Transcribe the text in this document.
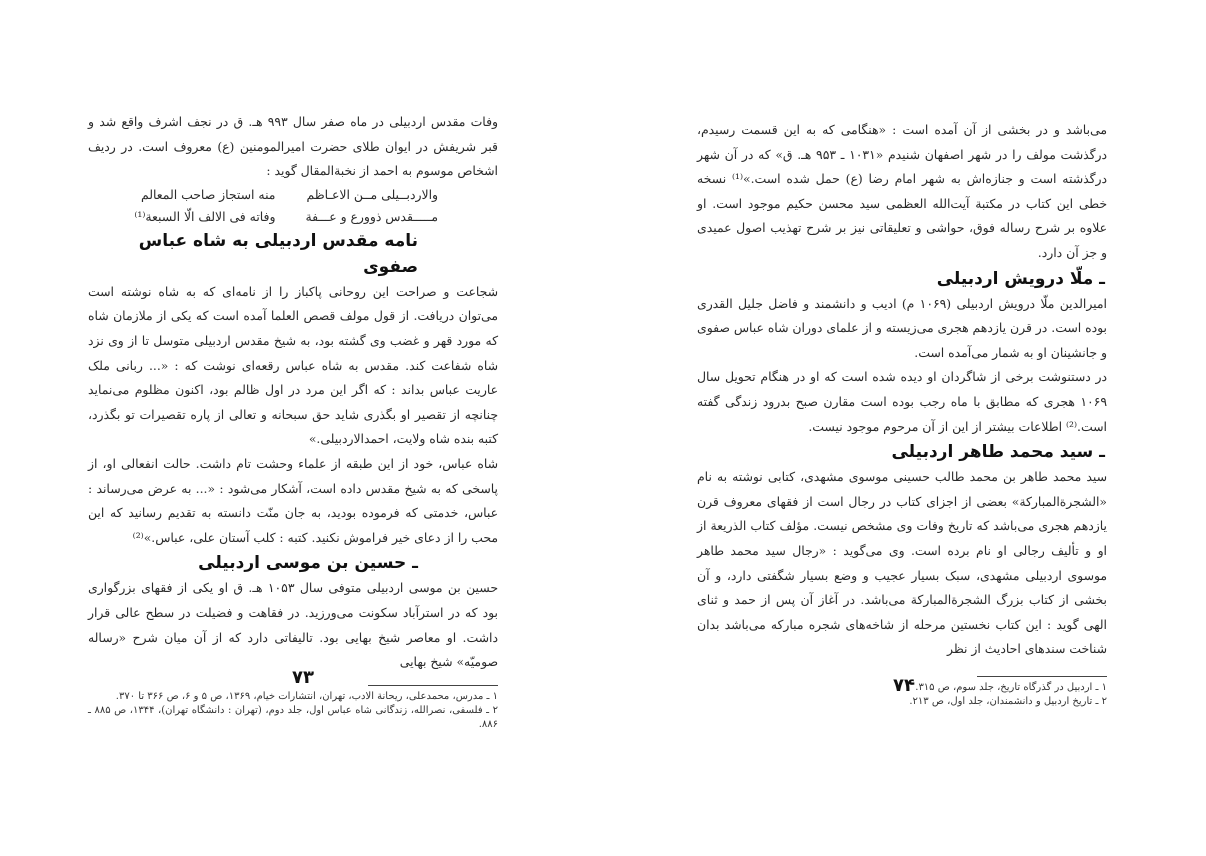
وفات مقدس اردبیلی در ماه صفر سال ۹۹۳ هـ. ق در نجف اشرف واقع شد و قبر شریفش در ایوان طلای حضرت امیرالمومنین (ع) معروف است. در ردیف اشخاص موسوم به احمد از نخبة‌المقال گوید :

والاردبــیلی مــن الاعـاظم
منه استجاز صاحب المعالم
مـــــقدس ذوورع و عـــفة
وفاته فی الالف الّا السبعة⁽¹⁾
نامه مقدس اردبیلی به شاه عباس صفوی

شجاعت و صراحت این روحانی پاکباز را از نامه‌ای که به شاه نوشته است می‌توان دریافت. از قول مولف قصص العلما آمده است که یکی از ملازمان شاه که مورد قهر و غضب وی گشته بود، به شیخ مقدس اردبیلی متوسل تا از وی نزد شاه شفاعت کند. مقدس به شاه عباس رقعه‌ای نوشت که : «... ربانی ملک عاریت عباس بداند : که اگر این مرد در اول ظالم بود، اکنون مظلوم می‌نماید چنانچه از تقصیر او بگذری شاید حق سبحانه و تعالی از پاره تقصیرات تو بگذرد، کتبه بنده شاه ولایت، احمدالاردبیلی.»

شاه عباس، خود از این طبقه از علماء وحشت تام داشت. حالت انفعالی او، از پاسخی که به شیخ مقدس داده است، آشکار می‌شود : «... به عرض می‌رساند : عباس، خدمتی که فرموده بودید، به جان منّت دانسته به تقدیم رسانید که این محب را از دعای خیر فراموش نکنید. کتبه : کلب آستان علی، عباس.»⁽²⁾

ـ حسین بن موسی اردبیلی

حسین بن موسی اردبیلی متوفی سال ۱۰۵۳ هـ. ق او یکی از فقهای بزرگواری بود که در استرآباد سکونت می‌ورزید. در فقاهت و فضیلت در سطح عالی قرار داشت. او معاصر شیخ بهایی بود. تالیفاتی دارد که از آن میان شرح «رساله صومیّه» شیخ بهایی

۱ ـ مدرس، محمدعلی، ریحانة الادب، تهران، انتشارات خیام، ۱۳۶۹، ص ۵ و ۶، ص ۳۶۶ تا ۳۷۰.
۲ ـ فلسفی، نصرالله، زندگانی شاه عباس اول، جلد دوم، (تهران : دانشگاه تهران)، ۱۳۴۴، ص ۸۸۵ ـ ۸۸۶.
۷۳

می‌باشد و در بخشی از آن آمده است : «هنگامی که به این قسمت رسیدم، درگذشت مولف را در شهر اصفهان شنیدم «۱۰۳۱ ـ ۹۵۳ هـ. ق» که در آن شهر درگذشته است و جنازه‌اش به شهر امام رضا (ع) حمل شده است.»⁽¹⁾ نسخه خطی این کتاب در مکتبة آیت‌الله العظمی سید محسن حکیم موجود است. او علاوه بر شرح رساله فوق، حواشی و تعلیقاتی نیز بر شرح تهذیب اصول عمیدی و جز آن دارد.

ـ ملّا درویش اردبیلی

امیرالدین ملّا درویش اردبیلی (۱۰۶۹ م) ادیب و دانشمند و فاضل جلیل القدری بوده است. در قرن یازدهم هجری می‌زیسته و از علمای دوران شاه عباس صفوی و جانشینان او به شمار می‌آمده است.

در دستنوشت برخی از شاگردان او دیده شده است که او در هنگام تحویل سال ۱۰۶۹ هجری که مطابق با ماه رجب بوده است مقارن صبح بدرود زندگی گفته است.⁽²⁾ اطلاعات بیشتر از این از آن مرحوم موجود نیست.

ـ سید محمد طاهر اردبیلی

سید محمد طاهر بن محمد طالب حسینی موسوی مشهدی، کتابی نوشته به نام «الشجرةالمبارکة» بعضی از اجزای کتاب در رجال است از فقهای معروف قرن یازدهم هجری می‌باشد که تاریخ وفات وی مشخص نیست. مؤلف کتاب الذریعة از او و تألیف رجالی او نام برده است. وی می‌گوید : «رجال سید محمد طاهر موسوی اردبیلی مشهدی، سبک بسیار عجیب و وضع بسیار شگفتی دارد، و آن بخشی از کتاب بزرگ الشجرةالمبارکة می‌باشد. در آغاز آن پس از حمد و ثنای الهی گوید : این کتاب نخستین مرحله از شاخه‌های شجره مبارکه می‌باشد بدان شناخت سندهای احادیث از نظر

۱ ـ اردبیل در گذرگاه تاریخ، جلد سوم، ص ۳۱۵.
۲ ـ تاریخ اردبیل و دانشمندان، جلد اول، ص ۲۱۳.
۷۴
